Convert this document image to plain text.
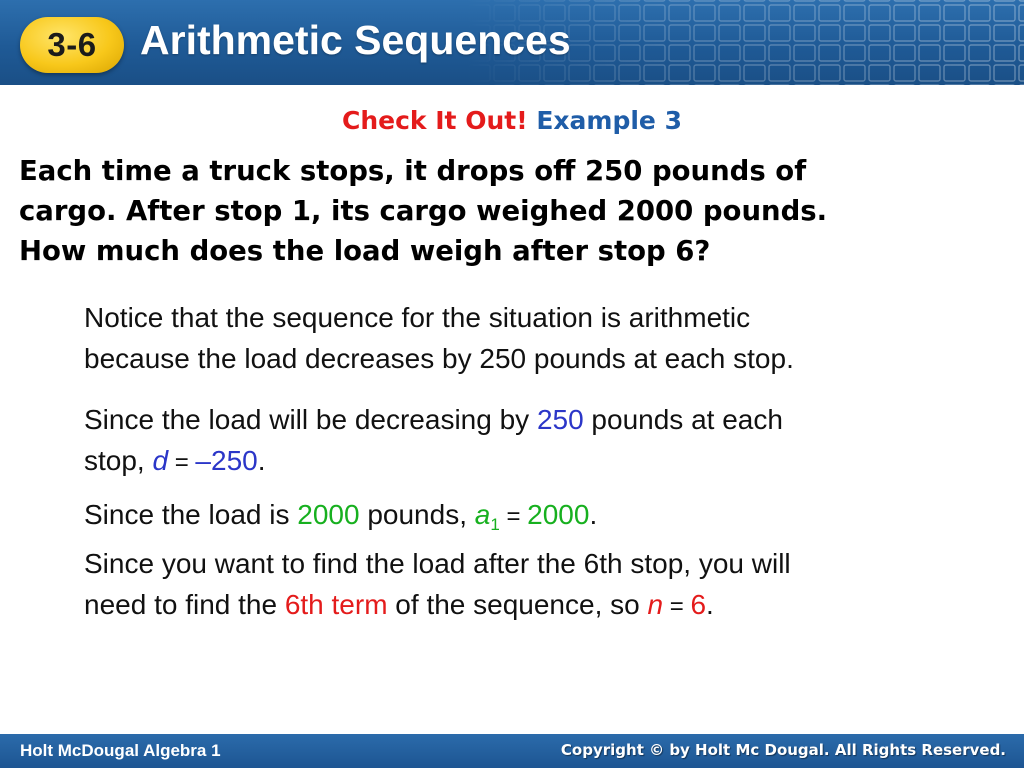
3-6 Arithmetic Sequences
Check It Out! Example 3
Each time a truck stops, it drops off 250 pounds of
cargo. After stop 1, its cargo weighed 2000 pounds.
How much does the load weigh after stop 6?
Notice that the sequence for the situation is arithmetic
because the load decreases by 250 pounds at each stop.
Since the load will be decreasing by 250 pounds at each
stop, d = –250.
Since the load is 2000 pounds, $a_1 = 2000$.
Since you want to find the load after the 6th stop, you will
need to find the 6th term of the sequence, so n = 6.
Holt McDougal Algebra 1	Copyright © by Holt Mc Dougal. All Rights Reserved.
